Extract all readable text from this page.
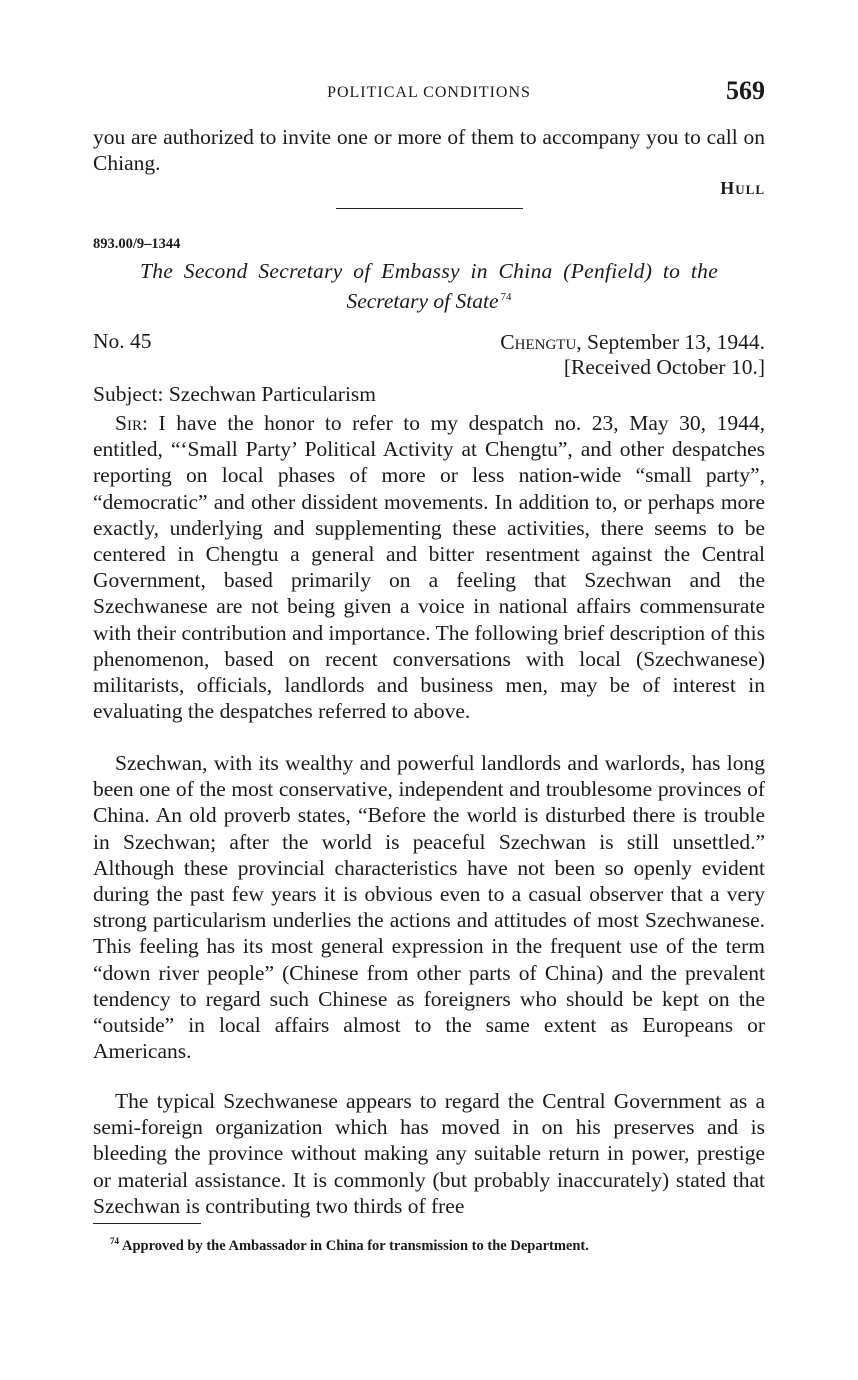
POLITICAL CONDITIONS	569
you are authorized to invite one or more of them to accompany you to call on Chiang.
Hull
893.00/9–1344
The Second Secretary of Embassy in China (Penfield) to the
Secretary of State $^{74}$
No. 45	Chengtu, September 13, 1944.
[Received October 10.]
Subject: Szechwan Particularism
Sir: I have the honor to refer to my despatch no. 23, May 30, 1944, entitled, “‘Small Party’ Political Activity at Chengtu”, and other despatches reporting on local phases of more or less nation-wide “small party”, “democratic” and other dissident movements. In addition to, or perhaps more exactly, underlying and supplementing these activities, there seems to be centered in Chengtu a general and bitter resentment against the Central Government, based primarily on a feeling that Szechwan and the Szechwanese are not being given a voice in national affairs commensurate with their contribution and importance. The following brief description of this phenomenon, based on recent conversations with local (Szechwanese) militarists, officials, landlords and business men, may be of interest in evaluating the despatches referred to above.
Szechwan, with its wealthy and powerful landlords and warlords, has long been one of the most conservative, independent and troublesome provinces of China. An old proverb states, “Before the world is disturbed there is trouble in Szechwan; after the world is peaceful Szechwan is still unsettled.” Although these provincial characteristics have not been so openly evident during the past few years it is obvious even to a casual observer that a very strong particularism underlies the actions and attitudes of most Szechwanese. This feeling has its most general expression in the frequent use of the term “down river people” (Chinese from other parts of China) and the prevalent tendency to regard such Chinese as foreigners who should be kept on the “outside” in local affairs almost to the same extent as Europeans or Americans.
The typical Szechwanese appears to regard the Central Government as a semi-foreign organization which has moved in on his preserves and is bleeding the province without making any suitable return in power, prestige or material assistance. It is commonly (but probably inaccurately) stated that Szechwan is contributing two thirds of free
$^{74}$ Approved by the Ambassador in China for transmission to the Department.
